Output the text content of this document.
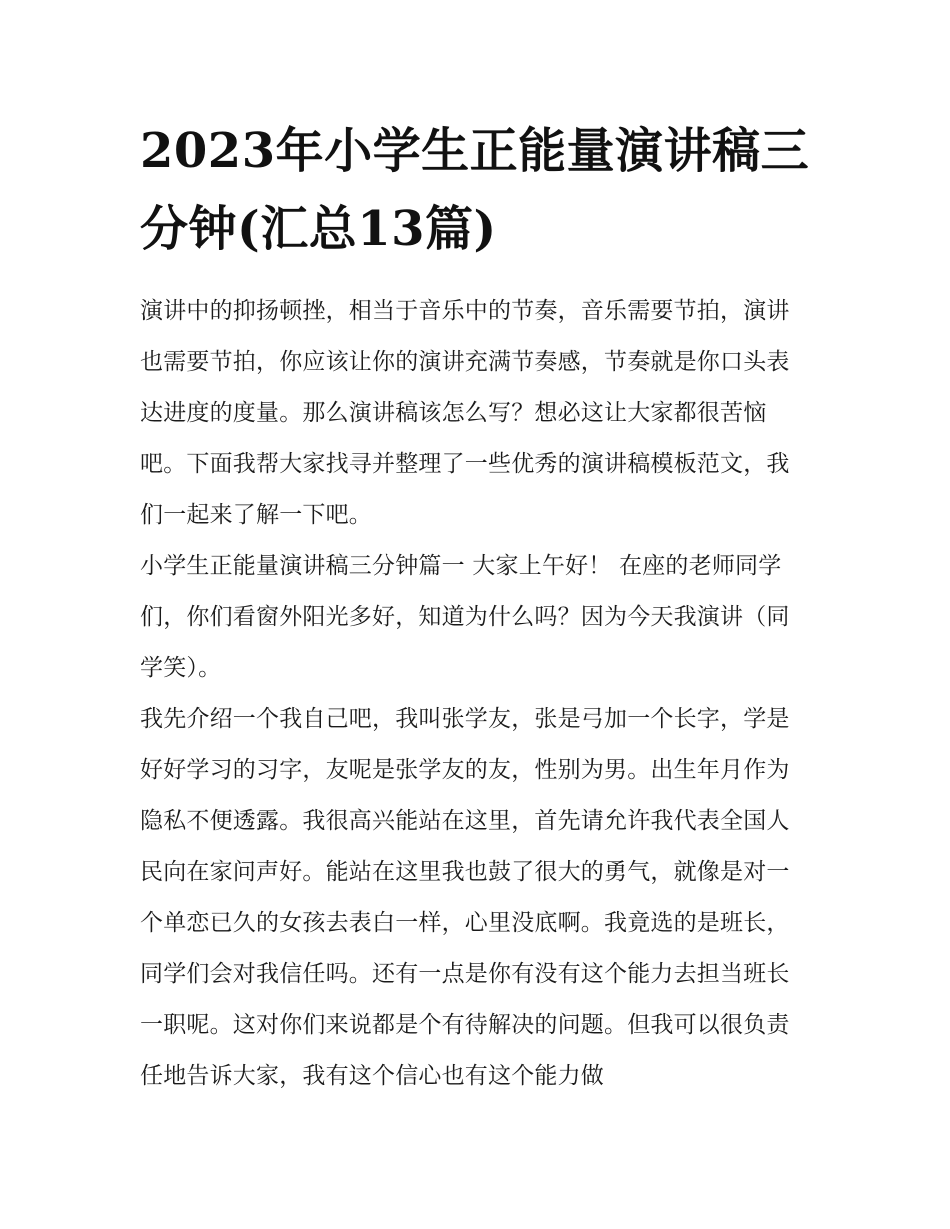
2023年小学生正能量演讲稿三分钟(汇总13篇)

演讲中的抑扬顿挫，相当于音乐中的节奏，音乐需要节拍，演讲也需要节拍，你应该让你的演讲充满节奏感，节奏就是你口头表达进度的度量。那么演讲稿该怎么写？想必这让大家都很苦恼吧。下面我帮大家找寻并整理了一些优秀的演讲稿模板范文，我们一起来了解一下吧。

小学生正能量演讲稿三分钟篇一 大家上午好！ 在座的老师同学们，你们看窗外阳光多好，知道为什么吗？因为今天我演讲（同学笑）。

我先介绍一个我自己吧，我叫张学友，张是弓加一个长字，学是好好学习的习字，友呢是张学友的友，性别为男。出生年月作为隐私不便透露。我很高兴能站在这里，首先请允许我代表全国人民向在家问声好。能站在这里我也鼓了很大的勇气，就像是对一个单恋已久的女孩去表白一样，心里没底啊。我竟选的是班长，同学们会对我信任吗。还有一点是你有没有这个能力去担当班长一职呢。这对你们来说都是个有待解决的问题。但我可以很负责任地告诉大家，我有这个信心也有这个能力做
